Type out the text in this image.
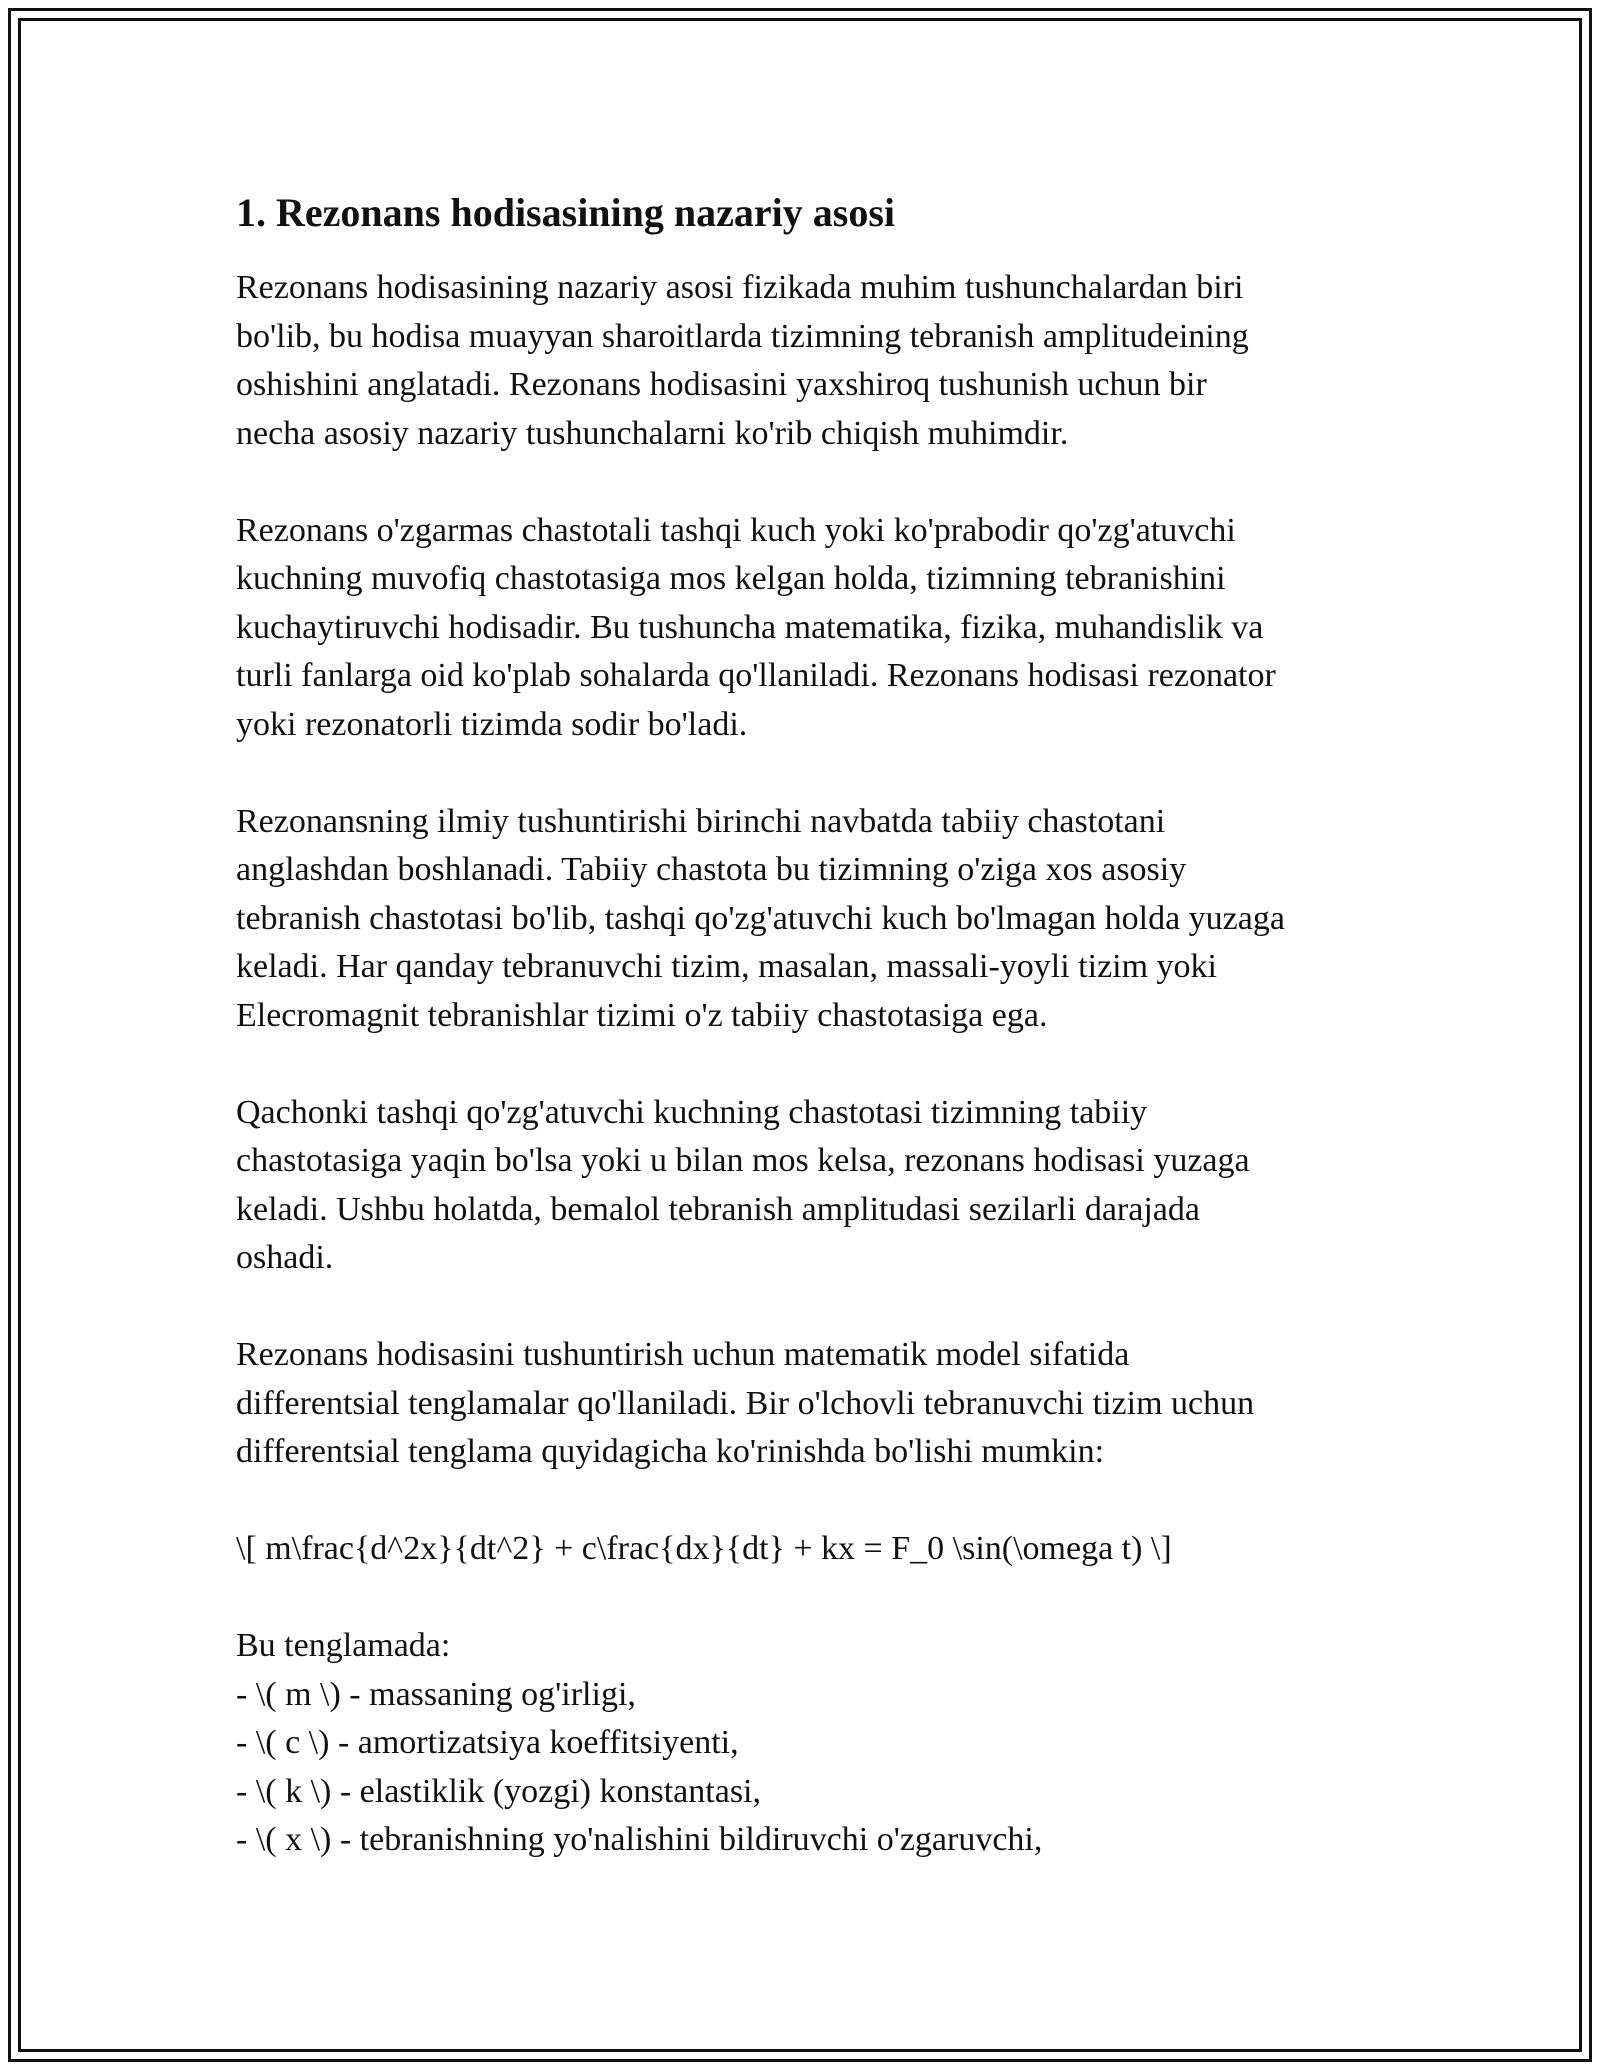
1. Rezonans hodisasining nazariy asosi

Rezonans hodisasining nazariy asosi fizikada muhim tushunchalardan biri
bo'lib, bu hodisa muayyan sharoitlarda tizimning tebranish amplitudeining
oshishini anglatadi. Rezonans hodisasini yaxshiroq tushunish uchun bir
necha asosiy nazariy tushunchalarni ko'rib chiqish muhimdir.

Rezonans o'zgarmas chastotali tashqi kuch yoki ko'prabodir qo'zg'atuvchi
kuchning muvofiq chastotasiga mos kelgan holda, tizimning tebranishini
kuchaytiruvchi hodisadir. Bu tushuncha matematika, fizika, muhandislik va
turli fanlarga oid ko'plab sohalarda qo'llaniladi. Rezonans hodisasi rezonator
yoki rezonatorli tizimda sodir bo'ladi.

Rezonansning ilmiy tushuntirishi birinchi navbatda tabiiy chastotani
anglashdan boshlanadi. Tabiiy chastota bu tizimning o'ziga xos asosiy
tebranish chastotasi bo'lib, tashqi qo'zg'atuvchi kuch bo'lmagan holda yuzaga
keladi. Har qanday tebranuvchi tizim, masalan, massali-yoyli tizim yoki
Elecromagnit tebranishlar tizimi o'z tabiiy chastotasiga ega.

Qachonki tashqi qo'zg'atuvchi kuchning chastotasi tizimning tabiiy
chastotasiga yaqin bo'lsa yoki u bilan mos kelsa, rezonans hodisasi yuzaga
keladi. Ushbu holatda, bemalol tebranish amplitudasi sezilarli darajada
oshadi.

Rezonans hodisasini tushuntirish uchun matematik model sifatida
differentsial tenglamalar qo'llaniladi. Bir o'lchovli tebranuvchi tizim uchun
differentsial tenglama quyidagicha ko'rinishda bo'lishi mumkin:

\[ m\frac{d^2x}{dt^2} + c\frac{dx}{dt} + kx = F_0 \sin(\omega t) \]

Bu tenglamada:
- \( m \) - massaning og'irligi,
- \( c \) - amortizatsiya koeffitsiyenti,
- \( k \) - elastiklik (yozgi) konstantasi,
- \( x \) - tebranishning yo'nalishini bildiruvchi o'zgaruvchi,
